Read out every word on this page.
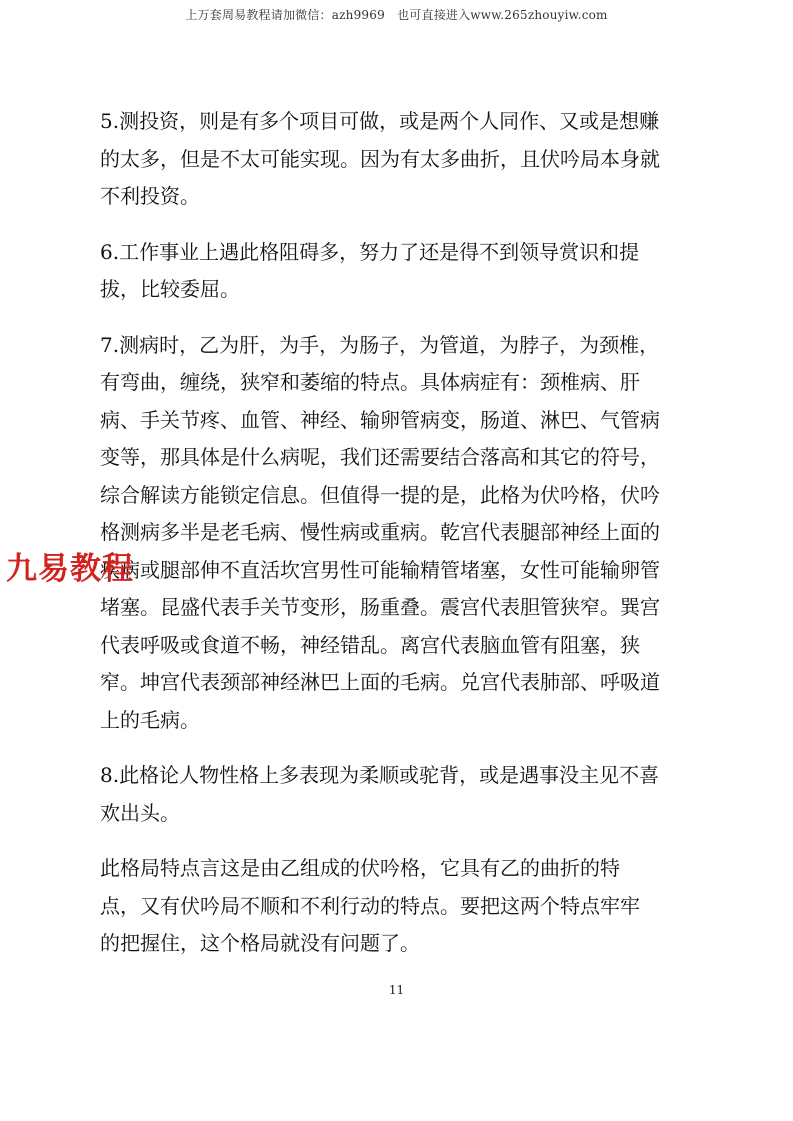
上万套周易教程请加微信：azh9969　也可直接进入www.265zhouyiw.com

5.测投资，则是有多个项目可做，或是两个人同作、又或是想赚
的太多，但是不太可能实现。因为有太多曲折，且伏吟局本身就
不利投资。

6.工作事业上遇此格阻碍多，努力了还是得不到领导赏识和提
拔，比较委屈。

7.测病时，乙为肝，为手，为肠子，为管道，为脖子，为颈椎，
有弯曲，缠绕，狭窄和萎缩的特点。具体病症有：颈椎病、肝
病、手关节疼、血管、神经、输卵管病变，肠道、淋巴、气管病
变等，那具体是什么病呢，我们还需要结合落高和其它的符号，
综合解读方能锁定信息。但值得一提的是，此格为伏吟格，伏吟
格测病多半是老毛病、慢性病或重病。乾宫代表腿部神经上面的
疾病或腿部伸不直活坎宫男性可能输精管堵塞，女性可能输卵管
堵塞。昆盛代表手关节变形，肠重叠。震宫代表胆管狭窄。巽宫
代表呼吸或食道不畅，神经错乱。离宫代表脑血管有阻塞，狭
窄。坤宫代表颈部神经淋巴上面的毛病。兑宫代表肺部、呼吸道
上的毛病。

8.此格论人物性格上多表现为柔顺或驼背，或是遇事没主见不喜
欢出头。

此格局特点言这是由乙组成的伏吟格，它具有乙的曲折的特
点，又有伏吟局不顺和不利行动的特点。要把这两个特点牢牢
的把握住，这个格局就没有问题了。

九易教程
11
